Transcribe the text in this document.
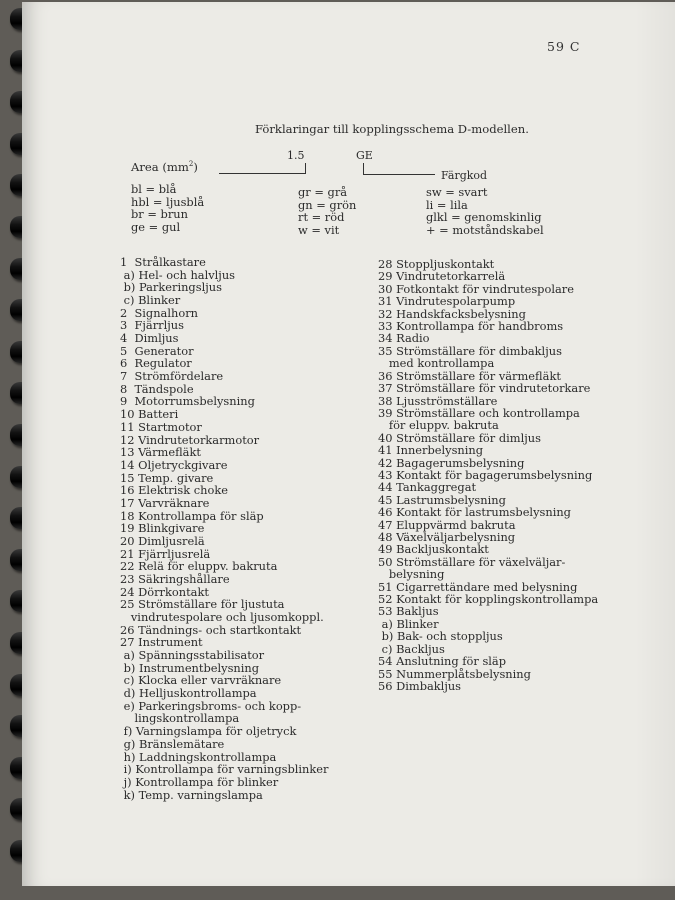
59 C
Förklaringar till kopplingsschema D-modellen.
Area $(mm^2)$
1.5	GE
Färgkod
bl = blå
hbl = ljusblå
br = brun
ge = gul
gr = grå
gn = grön
rt = röd
w = vit
sw = svart
li = lila
glkl = genomskinlig
+ = motståndskabel
1  Strålkastare
a) Hel- och halvljus
b) Parkeringsljus
c) Blinker
2  Signalhorn
3  Fjärrljus
4  Dimljus
5  Generator
6  Regulator
7  Strömfördelare
8  Tändspole
9  Motorrumsbelysning
10 Batteri
11 Startmotor
12 Vindrutetorkarmotor
13 Värmefläkt
14 Oljetryckgivare
15 Temp. givare
16 Elektrisk choke
17 Varvräknare
18 Kontrollampa för släp
19 Blinkgivare
20 Dimljusrelä
21 Fjärrljusrelä
22 Relä för eluppv. bakruta
23 Säkringshållare
24 Dörrkontakt
25 Strömställare för ljustuta
vindrutespolare och ljusomkoppl.
26 Tändnings- och startkontakt
27 Instrument
a) Spänningsstabilisator
b) Instrumentbelysning
c) Klocka eller varvräknare
d) Helljuskontrollampa
e) Parkeringsbroms- och kopp-
lingskontrollampa
f) Varningslampa för oljetryck
g) Bränslemätare
h) Laddningskontrollampa
i) Kontrollampa för varningsblinker
j) Kontrollampa för blinker
k) Temp. varningslampa
28 Stoppljuskontakt
29 Vindrutetorkarrelä
30 Fotkontakt för vindrutespolare
31 Vindrutespolarpump
32 Handskfacksbelysning
33 Kontrollampa för handbroms
34 Radio
35 Strömställare för dimbakljus
med kontrollampa
36 Strömställare för värmefläkt
37 Strömställare för vindrutetorkare
38 Ljusströmställare
39 Strömställare och kontrollampa
för eluppv. bakruta
40 Strömställare för dimljus
41 Innerbelysning
42 Bagagerumsbelysning
43 Kontakt för bagagerumsbelysning
44 Tankaggregat
45 Lastrumsbelysning
46 Kontakt för lastrumsbelysning
47 Eluppvärmd bakruta
48 Växelväljarbelysning
49 Backljuskontakt
50 Strömställare för växelväljar-
belysning
51 Cigarrettändare med belysning
52 Kontakt för kopplingskontrollampa
53 Bakljus
a) Blinker
b) Bak- och stoppljus
c) Backljus
54 Anslutning för släp
55 Nummerplåtsbelysning
56 Dimbakljus
